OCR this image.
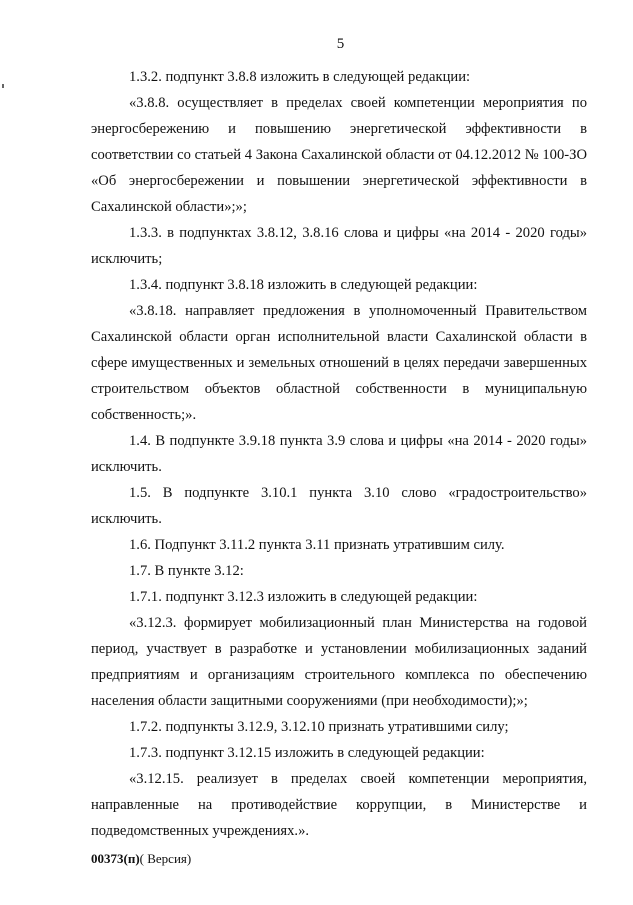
5

1.3.2. подпункт 3.8.8 изложить в следующей редакции:

«3.8.8. осуществляет в пределах своей компетенции мероприятия по энергосбережению и повышению энергетической эффективности в соответствии со статьей 4 Закона Сахалинской области от 04.12.2012 № 100-ЗО «Об энергосбережении и повышении энергетической эффективности в Сахалинской области»;»;

1.3.3. в подпунктах 3.8.12, 3.8.16 слова и цифры «на 2014 - 2020 годы» исключить;

1.3.4. подпункт 3.8.18 изложить в следующей редакции:

«3.8.18. направляет предложения в уполномоченный Правительством Сахалинской области орган исполнительной власти Сахалинской области в сфере имущественных и земельных отношений в целях передачи завершенных строительством объектов областной собственности в муниципальную собственность;».

1.4. В подпункте 3.9.18 пункта 3.9 слова и цифры «на 2014 - 2020 годы» исключить.

1.5. В подпункте 3.10.1 пункта 3.10 слово «градостроительство» исключить.

1.6. Подпункт 3.11.2 пункта 3.11 признать утратившим силу.

1.7. В пункте 3.12:

1.7.1. подпункт 3.12.3 изложить в следующей редакции:

«3.12.3. формирует мобилизационный план Министерства на годовой период, участвует в разработке и установлении мобилизационных заданий предприятиям и организациям строительного комплекса по обеспечению населения области защитными сооружениями (при необходимости);»;

1.7.2. подпункты 3.12.9, 3.12.10 признать утратившими силу;

1.7.3. подпункт 3.12.15 изложить в следующей редакции:

«3.12.15. реализует в пределах своей компетенции мероприятия, направленные на противодействие коррупции, в Министерстве и подведомственных учреждениях.».

00373(п)( Версия)
